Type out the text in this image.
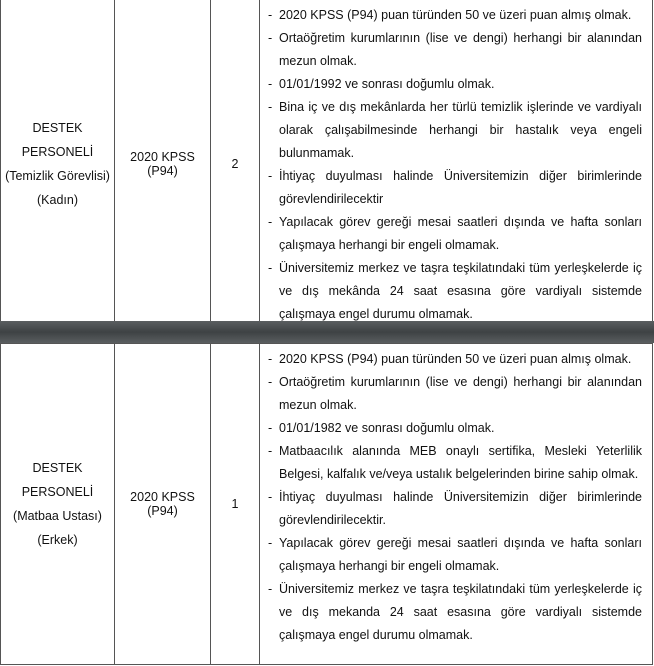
DESTEK
PERSONELİ
(Temizlik Görevlisi)
(Kadın)
	2020 KPSS (P94)	2	
- 2020 KPSS (P94) puan türünden 50 ve üzeri puan almış olmak.
- Ortaöğretim kurumlarının (lise ve dengi) herhangi bir alanından mezun olmak.
- 01/01/1992 ve sonrası doğumlu olmak.
- Bina iç ve dış mekânlarda her türlü temizlik işlerinde ve vardiyalı olarak çalışabilmesinde herhangi bir hastalık veya engeli bulunmamak.
- İhtiyaç duyulması halinde Üniversitemizin diğer birimlerinde görevlendirilecektir
- Yapılacak görev gereği mesai saatleri dışında ve hafta sonları çalışmaya herhangi bir engeli olmamak.
- Üniversitemiz merkez ve taşra teşkilatındaki tüm yerleşkelerde iç ve dış mekânda 24 saat esasına göre vardiyalı sistemde çalışmaya engel durumu olmamak.
DESTEK
PERSONELİ
(Matbaa Ustası)
(Erkek)
	2020 KPSS (P94)	1	
- 2020 KPSS (P94) puan türünden 50 ve üzeri puan almış olmak.
- Ortaöğretim kurumlarının (lise ve dengi) herhangi bir alanından mezun olmak.
- 01/01/1982 ve sonrası doğumlu olmak.
- Matbaacılık alanında MEB onaylı sertifika, Mesleki Yeterlilik Belgesi, kalfalık ve/veya ustalık belgelerinden birine sahip olmak.
- İhtiyaç duyulması halinde Üniversitemizin diğer birimlerinde görevlendirilecektir.
- Yapılacak görev gereği mesai saatleri dışında ve hafta sonları çalışmaya herhangi bir engeli olmamak.
- Üniversitemiz merkez ve taşra teşkilatındaki tüm yerleşkelerde iç ve dış mekanda 24 saat esasına göre vardiyalı sistemde çalışmaya engel durumu olmamak.
